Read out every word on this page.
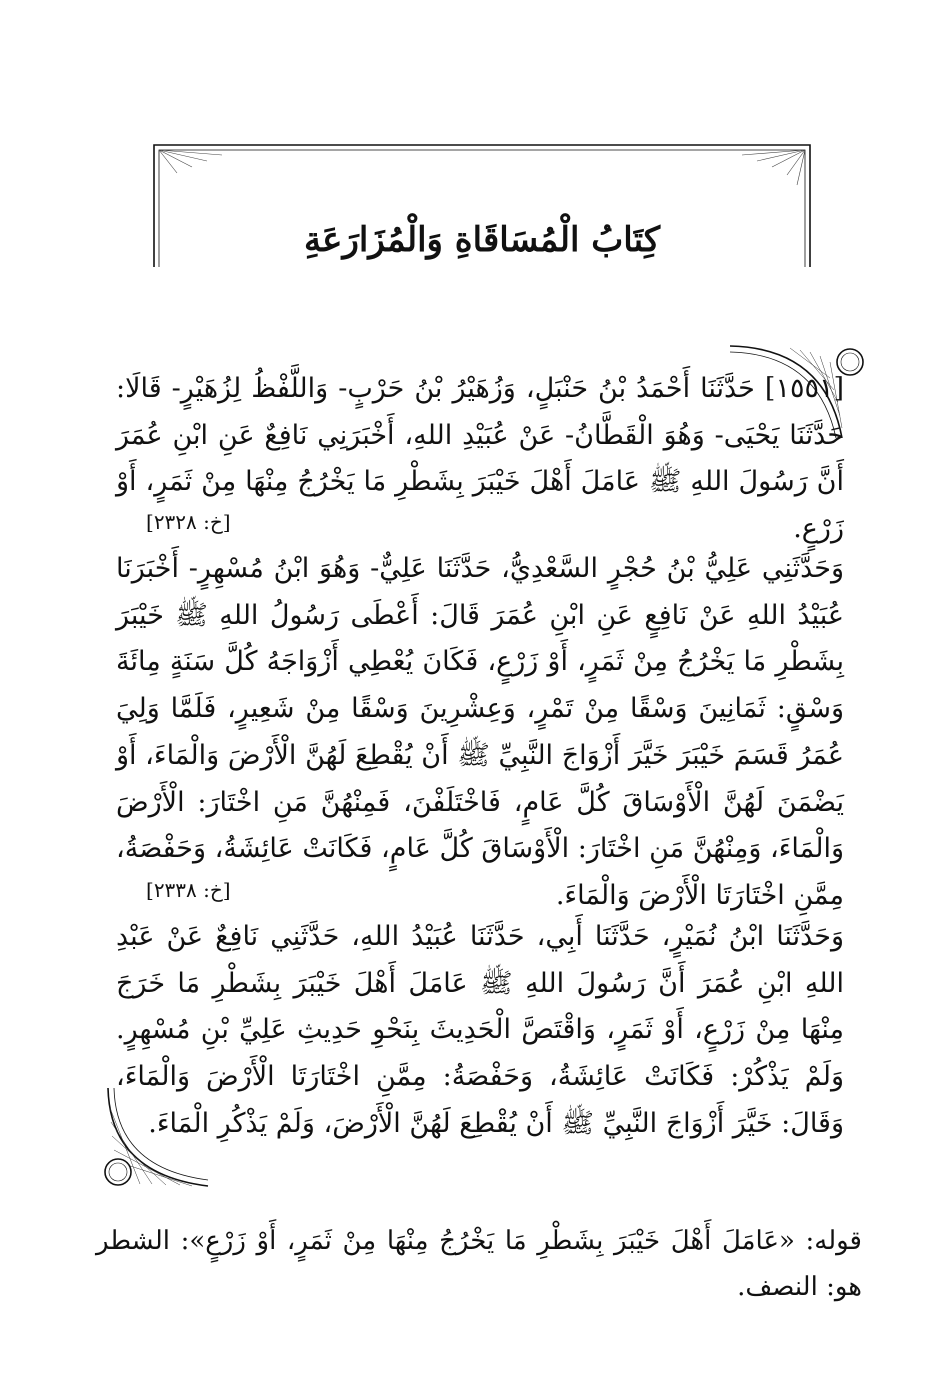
كِتَابُ الْمُسَاقَاةِ وَالْمُزَارَعَةِ

[١٥٥١] حَدَّثَنَا أَحْمَدُ بْنُ حَنْبَلٍ، وَزُهَيْرُ بْنُ حَرْبٍ- وَاللَّفْظُ لِزُهَيْرٍ- قَالَا: حَدَّثَنَا يَحْيَى- وَهُوَ الْقَطَّانُ- عَنْ عُبَيْدِ اللهِ، أَخْبَرَنِي نَافِعٌ عَنِ ابْنِ عُمَرَ أَنَّ رَسُولَ اللهِ ﷺ عَامَلَ أَهْلَ خَيْبَرَ بِشَطْرِ مَا يَخْرُجُ مِنْهَا مِنْ ثَمَرٍ، أَوْ زَرْعٍ.

[خ: ٢٣٢٨]

وَحَدَّثَنِي عَلِيُّ بْنُ حُجْرٍ السَّعْدِيُّ، حَدَّثَنَا عَلِيٌّ- وَهُوَ ابْنُ مُسْهِرٍ- أَخْبَرَنَا عُبَيْدُ اللهِ عَنْ نَافِعٍ عَنِ ابْنِ عُمَرَ قَالَ: أَعْطَى رَسُولُ اللهِ ﷺ خَيْبَرَ بِشَطْرِ مَا يَخْرُجُ مِنْ ثَمَرٍ، أَوْ زَرْعٍ، فَكَانَ يُعْطِي أَزْوَاجَهُ كُلَّ سَنَةٍ مِائَةَ وَسْقٍ: ثَمَانِينَ وَسْقًا مِنْ تَمْرٍ، وَعِشْرِينَ وَسْقًا مِنْ شَعِيرٍ، فَلَمَّا وَلِيَ عُمَرُ قَسَمَ خَيْبَرَ خَيَّرَ أَزْوَاجَ النَّبِيِّ ﷺ أَنْ يُقْطِعَ لَهُنَّ الْأَرْضَ وَالْمَاءَ، أَوْ يَضْمَنَ لَهُنَّ الْأَوْسَاقَ كُلَّ عَامٍ، فَاخْتَلَفْنَ، فَمِنْهُنَّ مَنِ اخْتَارَ: الْأَرْضَ وَالْمَاءَ، وَمِنْهُنَّ مَنِ اخْتَارَ: الْأَوْسَاقَ كُلَّ عَامٍ، فَكَانَتْ عَائِشَةُ، وَحَفْصَةُ، مِمَّنِ اخْتَارَتَا الْأَرْضَ وَالْمَاءَ.

[خ: ٢٣٣٨]

وَحَدَّثَنَا ابْنُ نُمَيْرٍ، حَدَّثَنَا أَبِي، حَدَّثَنَا عُبَيْدُ اللهِ، حَدَّثَنِي نَافِعٌ عَنْ عَبْدِ اللهِ ابْنِ عُمَرَ أَنَّ رَسُولَ اللهِ ﷺ عَامَلَ أَهْلَ خَيْبَرَ بِشَطْرِ مَا خَرَجَ مِنْهَا مِنْ زَرْعٍ، أَوْ ثَمَرٍ، وَاقْتَصَّ الْحَدِيثَ بِنَحْوِ حَدِيثِ عَلِيِّ بْنِ مُسْهِرٍ. وَلَمْ يَذْكُرْ: فَكَانَتْ عَائِشَةُ، وَحَفْصَةُ: مِمَّنِ اخْتَارَتَا الْأَرْضَ وَالْمَاءَ، وَقَالَ: خَيَّرَ أَزْوَاجَ النَّبِيِّ ﷺ أَنْ يُقْطِعَ لَهُنَّ الْأَرْضَ، وَلَمْ يَذْكُرِ الْمَاءَ.

قوله: «عَامَلَ أَهْلَ خَيْبَرَ بِشَطْرِ مَا يَخْرُجُ مِنْهَا مِنْ ثَمَرٍ، أَوْ زَرْعٍ»: الشطر هو: النصف.
